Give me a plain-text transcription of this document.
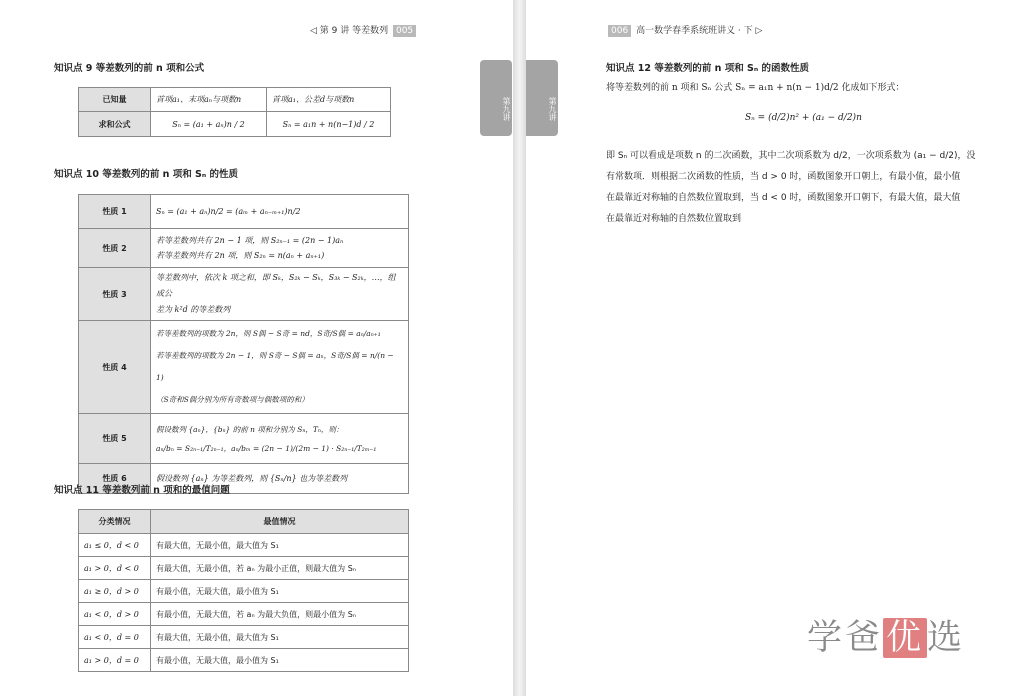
◁ 第 9 讲 等差数列 005
第九讲
知识点 9 等差数列的前 n 项和公式
已知量	首项a₁、末项aₙ与项数n	首项a₁、公差d与项数n
求和公式	Sₙ = (a₁ + aₙ)n / 2	Sₙ = a₁n + n(n−1)d / 2
知识点 10 等差数列的前 n 项和 Sₙ 的性质
性质 1	Sₙ = (a₁ + aₙ)n/2 = (aₘ + aₙ₋ₘ₊₁)n/2

性质 2	若等差数列共有 2n − 1 项，则 S₂ₙ₋₁ = (2n − 1)aₙ
若等差数列共有 2n 项，则 S₂ₙ = n(aₙ + aₙ₊₁)

性质 3	等差数列中，依次 k 项之和，即 Sₖ，S₂ₖ − Sₖ，S₃ₖ − S₂ₖ，…，组成公
差为 k²d 的等差数列

性质 4	若等差数列的项数为 2n，则 S偶 − S奇 = nd，S奇/S偶 = aₙ/aₙ₊₁
若等差数列的项数为 2n − 1，则 S奇 − S偶 = aₙ，S奇/S偶 = n/(n − 1)
（S奇和S偶分别为所有奇数项与偶数项的和）

性质 5	假设数列 {aₙ}，{bₙ} 的前 n 项和分别为 Sₙ，Tₙ，则：
aₙ/bₙ = S₂ₙ₋₁/T₂ₙ₋₁，aₙ/bₘ = (2n − 1)/(2m − 1) · S₂ₙ₋₁/T₂ₘ₋₁

性质 6	假设数列 {aₙ} 为等差数列，则 {Sₙ/n} 也为等差数列
知识点 11 等差数列前 n 项和的最值问题
分类情况	最值情况
a₁ ≤ 0，d < 0	有最大值，无最小值，最大值为 S₁
a₁ > 0，d < 0	有最大值，无最小值，若 aₙ 为最小正值，则最大值为 Sₙ
a₁ ≥ 0，d > 0	有最小值，无最大值，最小值为 S₁
a₁ < 0，d > 0	有最小值，无最大值，若 aₙ 为最大负值，则最小值为 Sₙ
a₁ < 0，d = 0	有最大值，无最小值，最大值为 S₁
a₁ > 0，d = 0	有最小值，无最大值，最小值为 S₁
006 高一数学春季系统班讲义 · 下 ▷
第九讲
知识点 12 等差数列的前 n 项和 Sₙ 的函数性质
将等差数列的前 n 项和 Sₙ 公式 Sₙ = a₁n + n(n − 1)d/2 化成如下形式：
Sₙ = (d/2)n² + (a₁ − d/2)n
即 Sₙ 可以看成是项数 n 的二次函数，其中二次项系数为 d/2，一次项系数为 (a₁ − d/2)，没
有常数项．则根据二次函数的性质，当 d > 0 时，函数图象开口朝上，有最小值，最小值
在最靠近对称轴的自然数位置取到，当 d < 0 时，函数图象开口朝下，有最大值，最大值
在最靠近对称轴的自然数位置取到
学爸优选
